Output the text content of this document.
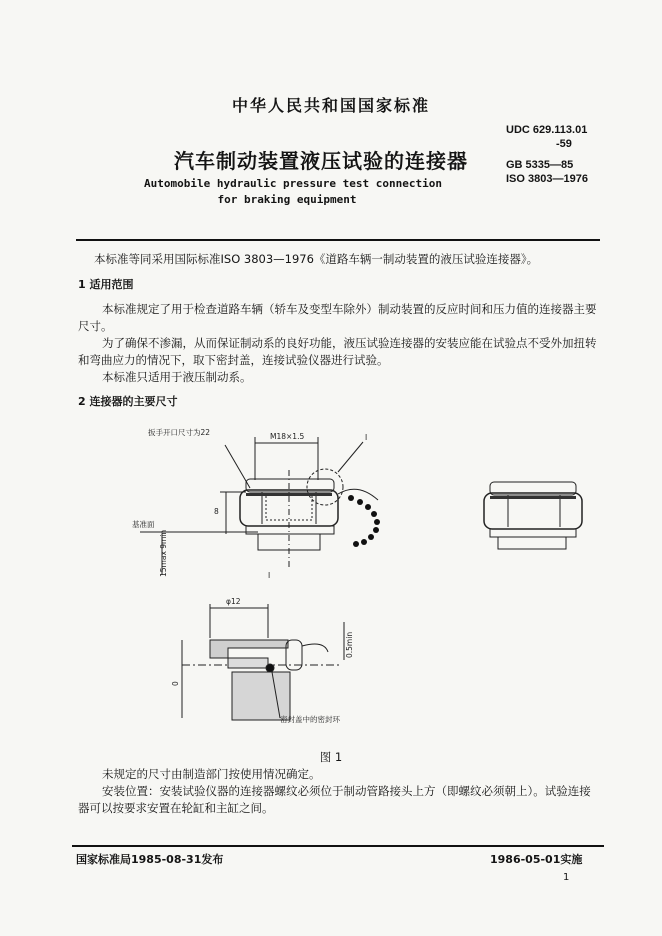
中华人民共和国国家标准
汽车制动装置液压试验的连接器
Automobile hydraulic pressure test connection
for braking equipment
UDC 629.113.01
-59
GB 5335—85
ISO 3803—1976
本标准等同采用国际标准ISO 3803—1976《道路车辆一制动装置的液压试验连接器》。
1 适用范围
本标准规定了用于检查道路车辆（轿车及变型车除外）制动装置的反应时间和压力值的连接器主要尺寸。
为了确保不渗漏，从而保证制动系的良好功能，液压试验连接器的安装应能在试验点不受外加扭转和弯曲应力的情况下，取下密封盖，连接试验仪器进行试验。
本标准只适用于液压制动系。
2 连接器的主要尺寸
扳手开口尺寸为22	M18×1.5	I
基准面
8
15max 9min	I
φ12
0.5min
0
密封盖中的密封环
图 1
未规定的尺寸由制造部门按使用情况确定。
安装位置：安装试验仪器的连接器螺纹必须位于制动管路接头上方（即螺纹必须朝上）。试验连接器可以按要求安置在轮缸和主缸之间。
国家标准局1985-08-31发布	1986-05-01实施
1
